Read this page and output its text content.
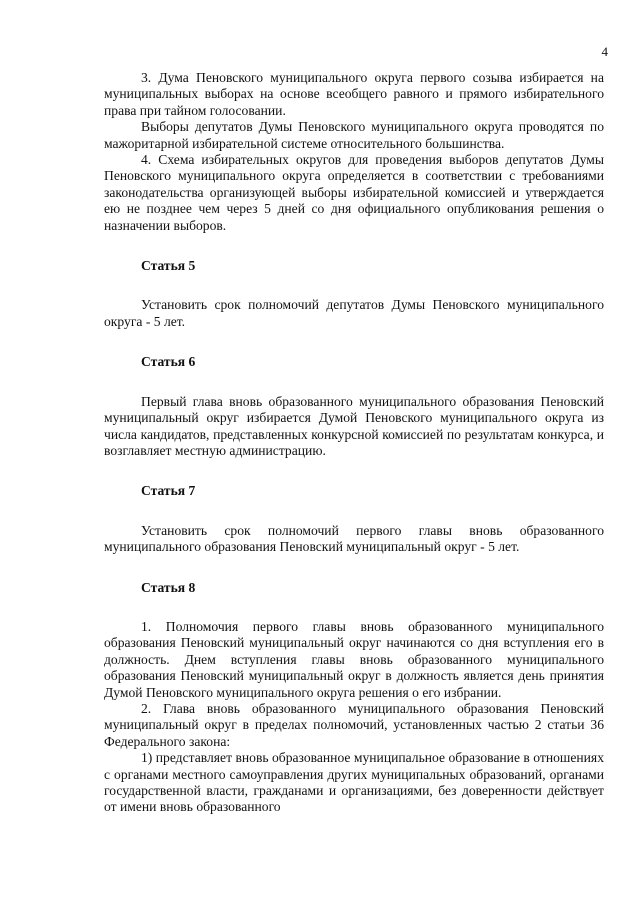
4

3. Дума Пеновского муниципального округа первого созыва избирается на муниципальных выборах на основе всеобщего равного и прямого избирательного права при тайном голосовании.

Выборы депутатов Думы Пеновского муниципального округа проводятся по мажоритарной избирательной системе относительного большинства.

4. Схема избирательных округов для проведения выборов депутатов Думы Пеновского муниципального округа определяется в соответствии с требованиями законодательства организующей выборы избирательной комиссией и утверждается ею не позднее чем через 5 дней со дня официального опубликования решения о назначении выборов.

Статья 5

Установить срок полномочий депутатов Думы Пеновского муниципального округа - 5 лет.

Статья 6

Первый глава вновь образованного муниципального образования Пеновский муниципальный округ избирается Думой Пеновского муниципального округа из числа кандидатов, представленных конкурсной комиссией по результатам конкурса, и возглавляет местную администрацию.

Статья 7

Установить срок полномочий первого главы вновь образованного муниципального образования Пеновский муниципальный округ - 5 лет.

Статья 8

1. Полномочия первого главы вновь образованного муниципального образования Пеновский муниципальный округ начинаются со дня вступления его в должность. Днем вступления главы вновь образованного муниципального образования Пеновский муниципальный округ в должность является день принятия Думой Пеновского муниципального округа решения о его избрании.

2. Глава вновь образованного муниципального образования Пеновский муниципальный округ в пределах полномочий, установленных частью 2 статьи 36 Федерального закона:

1) представляет вновь образованное муниципальное образование в отношениях с органами местного самоуправления других муниципальных образований, органами государственной власти, гражданами и организациями, без доверенности действует от имени вновь образованного
